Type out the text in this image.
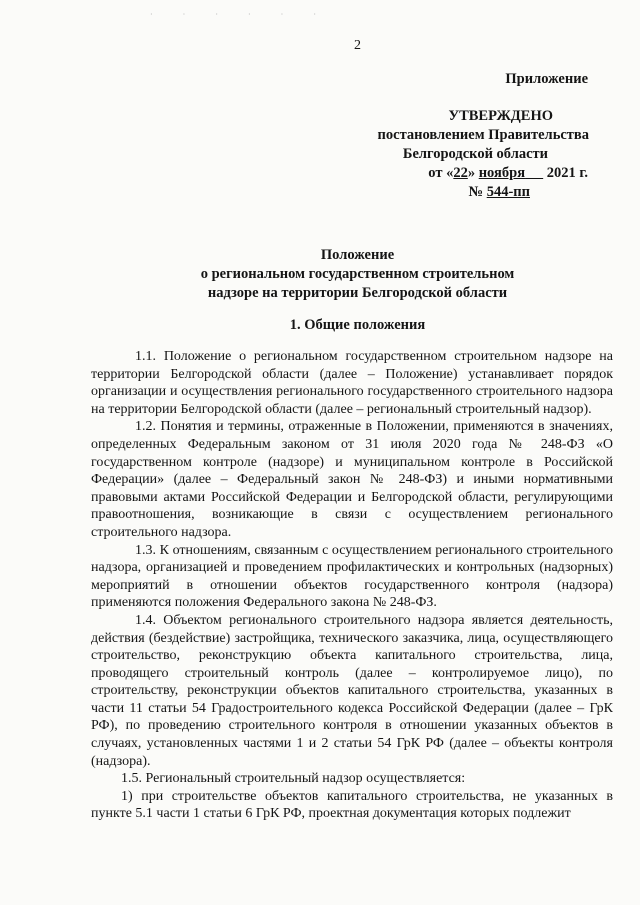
· · · · · ·
2
Приложение
УТВЕРЖДЕНО
постановлением Правительства
Белгородской области
от «22» ноября 2021 г.
№ 544-пп
Положение
о региональном государственном строительном
надзоре на территории Белгородской области
1. Общие положения

1.1. Положение о региональном государственном строительном надзоре на территории Белгородской области (далее – Положение) устанавливает порядок организации и осуществления регионального государственного строительного надзора на территории Белгородской области (далее – региональный строительный надзор).

1.2. Понятия и термины, отраженные в Положении, применяются в значениях, определенных Федеральным законом от 31 июля 2020 года № 248-ФЗ «О государственном контроле (надзоре) и муниципальном контроле в Российской Федерации» (далее – Федеральный закон № 248-ФЗ) и иными нормативными правовыми актами Российской Федерации и Белгородской области, регулирующими правоотношения, возникающие в связи с осуществлением регионального строительного надзора.

1.3. К отношениям, связанным с осуществлением регионального строительного надзора, организацией и проведением профилактических и контрольных (надзорных) мероприятий в отношении объектов государственного контроля (надзора) применяются положения Федерального закона № 248-ФЗ.

1.4. Объектом регионального строительного надзора является деятельность, действия (бездействие) застройщика, технического заказчика, лица, осуществляющего строительство, реконструкцию объекта капитального строительства, лица, проводящего строительный контроль (далее – контролируемое лицо), по строительству, реконструкции объектов капитального строительства, указанных в части 11 статьи 54 Градостроительного кодекса Российской Федерации (далее – ГрК РФ), по проведению строительного контроля в отношении указанных объектов в случаях, установленных частями 1 и 2 статьи 54 ГрК РФ (далее – объекты контроля (надзора).

1.5. Региональный строительный надзор осуществляется:

1) при строительстве объектов капитального строительства, не указанных в пункте 5.1 части 1 статьи 6 ГрК РФ, проектная документация которых подлежит
